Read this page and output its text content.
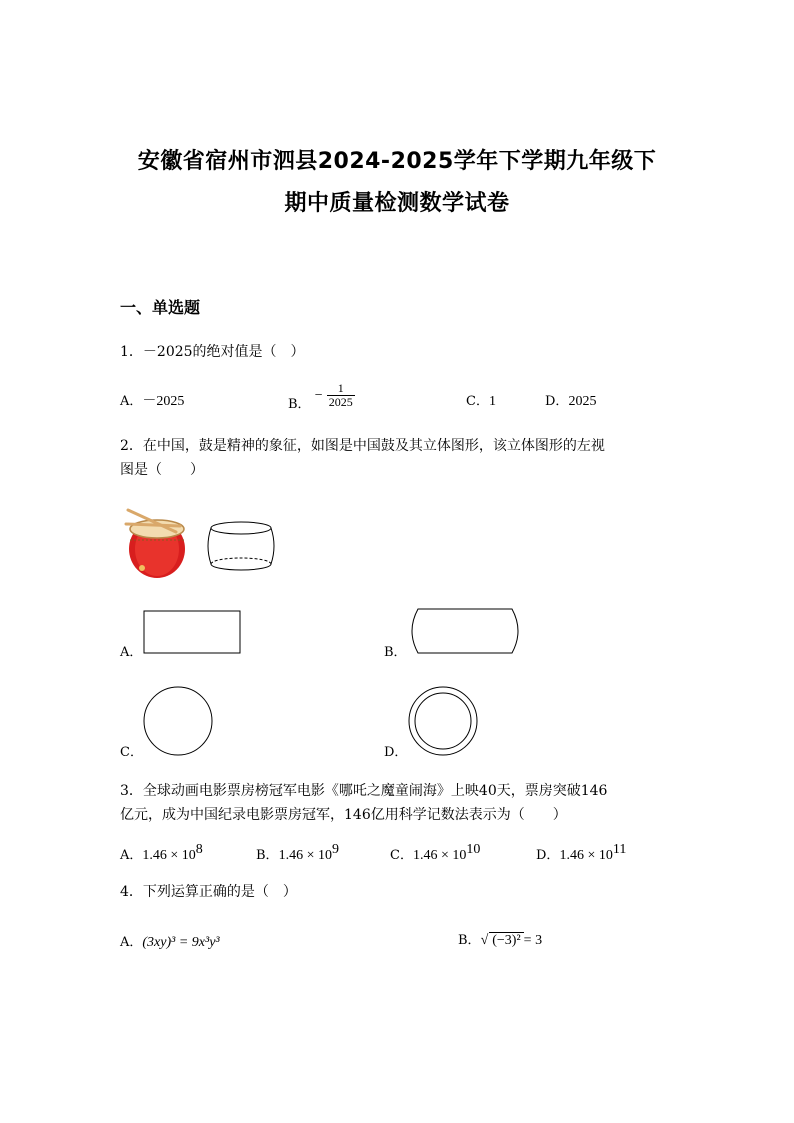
安徽省宿州市泗县2024-2025学年下学期九年级下
期中质量检测数学试卷
一、单选题
1．－2025的绝对值是（　）
A．－2025	B． − $\frac{1}{2025}$	C．1	D．2025
2．在中国，鼓是精神的象征，如图是中国鼓及其立体图形，该立体图形的左视
图是（　　）
A．	B．
C．	D．
3．全球动画电影票房榜冠军电影《哪吒之魔童闹海》上映40天，票房突破146
亿元，成为中国纪录电影票房冠军，146亿用科学记数法表示为（　　）
A．$1.46 \times 10^8$	B．$1.46 \times 10^9$	C．$1.46 \times 10^{10}$	D．$1.46 \times 10^{11}$
4．下列运算正确的是（　）
A．(3xy)³ = 9x³y³	B．√ (−3)² = 3
